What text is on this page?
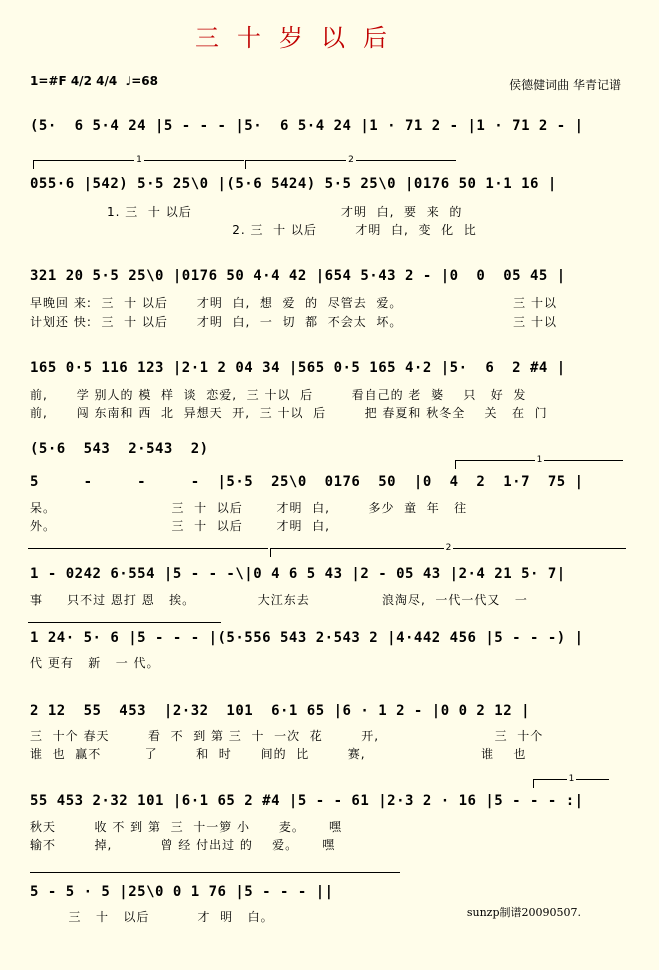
三十岁以后
1=#F 4/2 4/4 ♩=68	侯德健词曲 华青记谱
(5·  6 5·4 24 |5 - - - |5·  6 5·4 24 |1 · 71 2 - |1 · 71 2 - |
1	2
055·6 |542) 5·5 25\0 |(5·6 5424) 5·5 25\0 |0176 50 1·1 16 |
1. 三  十 以后                               才明  白,  要  来  的
2. 三  十 以后        才明  白,  变  化  比
321 20 5·5 25\0 |0176 50 4·4 42 |654 5·43 2 - |0  0  05 45 |
早晚回 来:  三  十 以后      才明  白,  想  爱  的  尽管去  爱。                       三 十以
计划还 快:  三  十 以后      才明  白,  一  切  都  不会太  坏。                       三 十以
165 0·5 116 123 |2·1 2 04 34 |565 0·5 165 4·2 |5·  6  2 #4 |
前,      学 别人的 模  样  谈  恋爱,  三 十以  后        看自己的 老  婆    只   好  发
前,      闯 东南和 西  北  异想天  开,  三 十以  后        把 春夏和 秋冬全    关   在  门
(5·6  543  2·543  2)
1
5     -     -     -  |5·5  25\0  0176  50  |0  4  2  1·7  75 |
呆。                        三  十  以后       才明  白,        多少  童  年   往
外。                        三  十  以后       才明  白,
2
1 - 0242 6·554 |5 - - -\|0 4 6 5 43 |2 - 05 43 |2·4 21 5· 7|
事     只不过 恩打 恩   挨。             大江东去               浪淘尽,  一代一代又   一
1 24· 5· 6 |5 - - - |(5·556 543 2·543 2 |4·442 456 |5 - - -) |
代 更有   新   一 代。
2 12  55  453  |2·32  101  6·1 65 |6 · 1 2 - |0 0 2 12 |
三  十个 春天        看  不  到 第 三  十  一次  花        开,                        三  十个
谁  也  赢不         了        和  时      间的  比        赛,                        谁    也
1
55 453 2·32 101 |6·1 65 2 #4 |5 - - 61 |2·3 2 · 16 |5 - - - :|
秋天        收 不 到 第  三  十一箩 小      麦。     嘿
输不        掉,          曾 经 付出过 的    爱。     嘿
5 - 5 · 5 |25\0 0 1 76 |5 - - - ||
三   十   以后          才  明   白。	sunzp制谱20090507.
